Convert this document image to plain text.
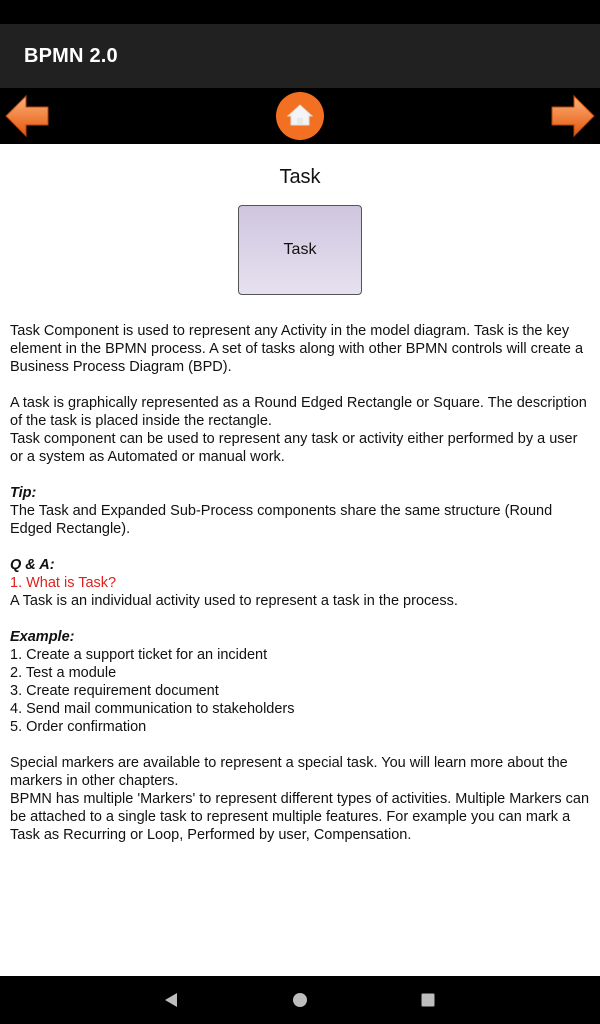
BPMN 2.0
Task
Task

Task Component is used to represent any Activity in the model diagram. Task is the key element in the BPMN process. A set of tasks along with other BPMN controls will create a Business Process Diagram (BPD).

A task is graphically represented as a Round Edged Rectangle or Square. The description of the task is placed inside the rectangle.

Task component can be used to represent any task or activity either performed by a user or a system as Automated or manual work.

Tip:

The Task and Expanded Sub-Process components share the same structure (Round Edged Rectangle).

Q & A:

1. What is Task?

A Task is an individual activity used to represent a task in the process.

Example:

1. Create a support ticket for an incident

2. Test a module

3. Create requirement document

4. Send mail communication to stakeholders

5. Order confirmation

Special markers are available to represent a special task. You will learn more about the markers in other chapters.

BPMN has multiple 'Markers' to represent different types of activities. Multiple Markers can be attached to a single task to represent multiple features. For example you can mark a Task as Recurring or Loop, Performed by user, Compensation.
